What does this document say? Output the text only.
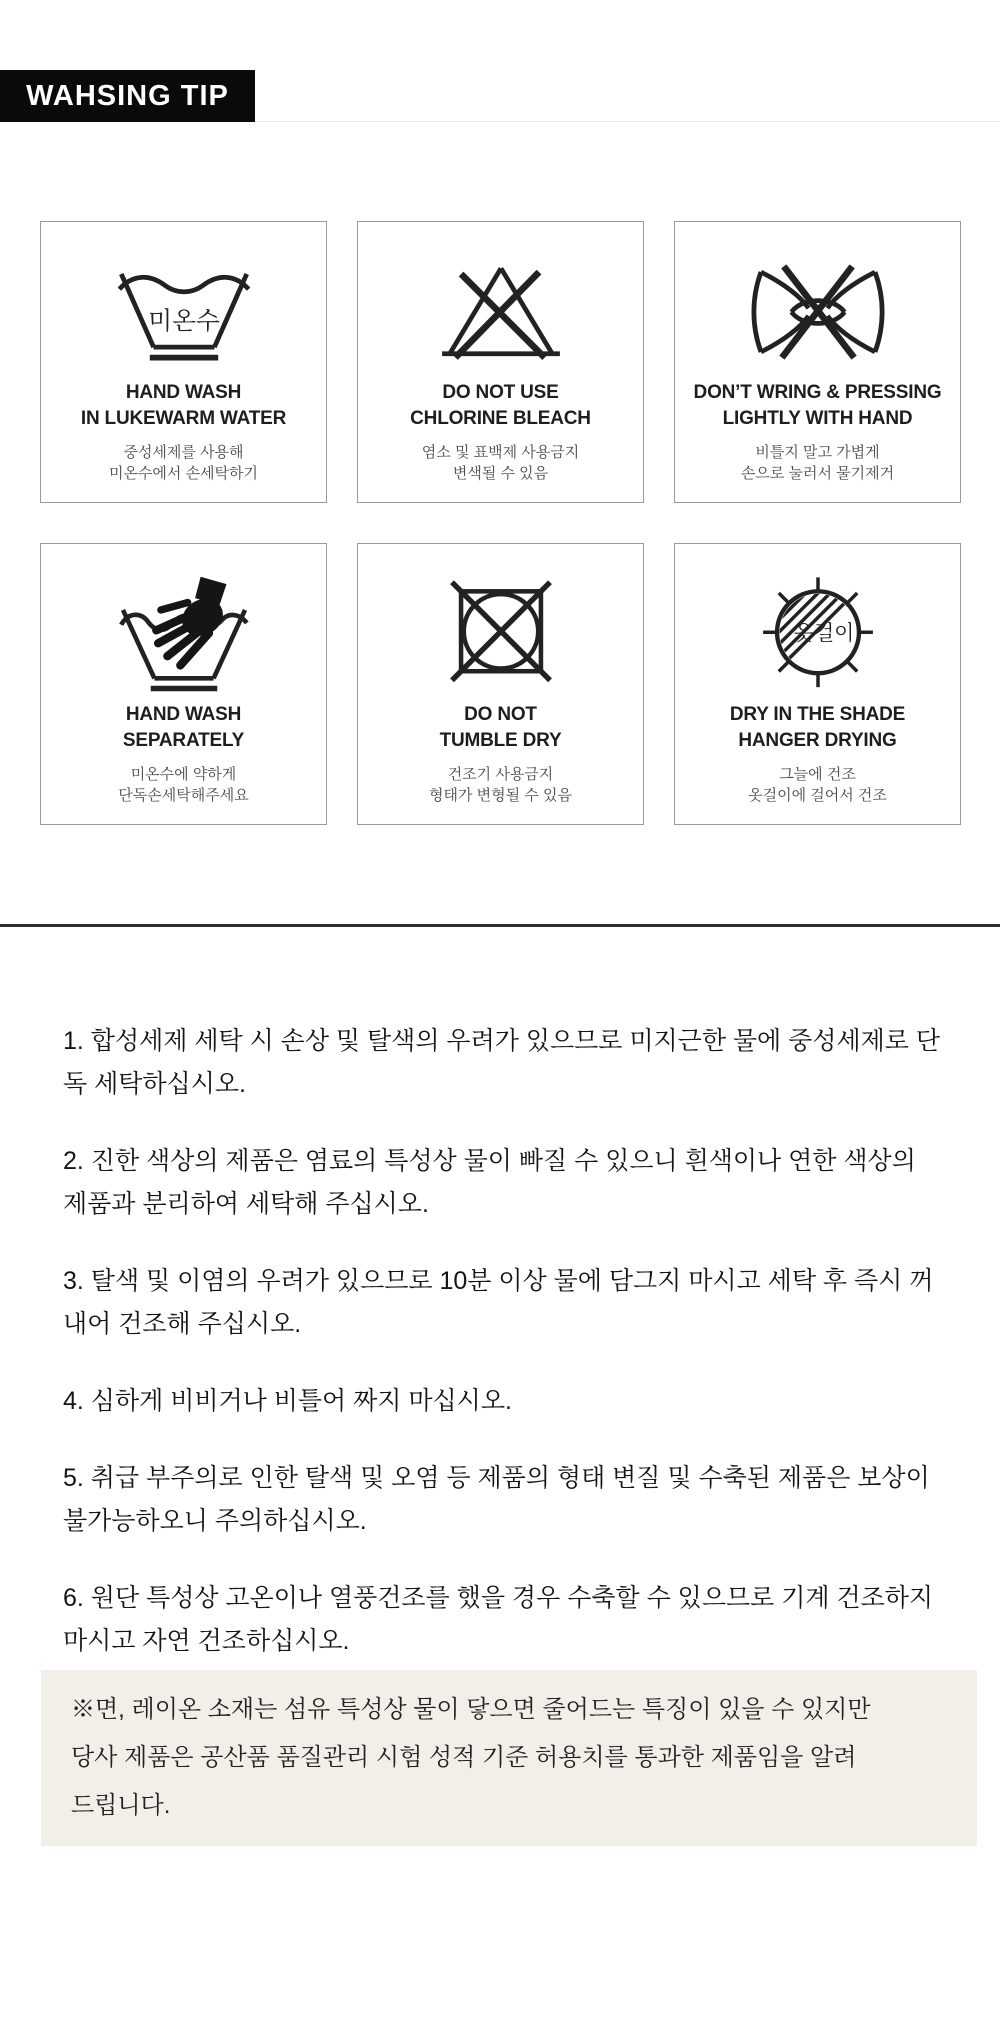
WAHSING TIP
미온수
HAND WASH
IN LUKEWARM WATER
중성세제를 사용해
미온수에서 손세탁하기
DO NOT USE
CHLORINE BLEACH
염소 및 표백제 사용금지
변색될 수 있음
DON’T WRING & PRESSING
LIGHTLY WITH HAND
비틀지 말고 가볍게
손으로 눌러서 물기제거
HAND WASH
SEPARATELY
미온수에 약하게
단독손세탁해주세요
DO NOT
TUMBLE DRY
건조기 사용금지
형태가 변형될 수 있음
옷걸이
DRY IN THE SHADE
HANGER DRYING
그늘에 건조
옷걸이에 걸어서 건조

1. 합성세제 세탁 시 손상 및 탈색의 우려가 있으므로 미지근한 물에 중성세제로 단독 세탁하십시오.

2. 진한 색상의 제품은 염료의 특성상 물이 빠질 수 있으니 흰색이나 연한 색상의 제품과 분리하여 세탁해 주십시오.

3. 탈색 및 이염의 우려가 있으므로 10분 이상 물에 담그지 마시고 세탁 후 즉시 꺼내어 건조해 주십시오.

4. 심하게 비비거나 비틀어 짜지 마십시오.

5. 취급 부주의로 인한 탈색 및 오염 등 제품의 형태 변질 및 수축된 제품은 보상이 불가능하오니 주의하십시오.

6. 원단 특성상 고온이나 열풍건조를 했을 경우 수축할 수 있으므로 기계 건조하지 마시고 자연 건조하십시오.

※면, 레이온 소재는 섬유 특성상 물이 닿으면 줄어드는 특징이 있을 수 있지만
당사 제품은 공산품 품질관리 시험 성적 기준 허용치를 통과한 제품임을 알려
드립니다.
